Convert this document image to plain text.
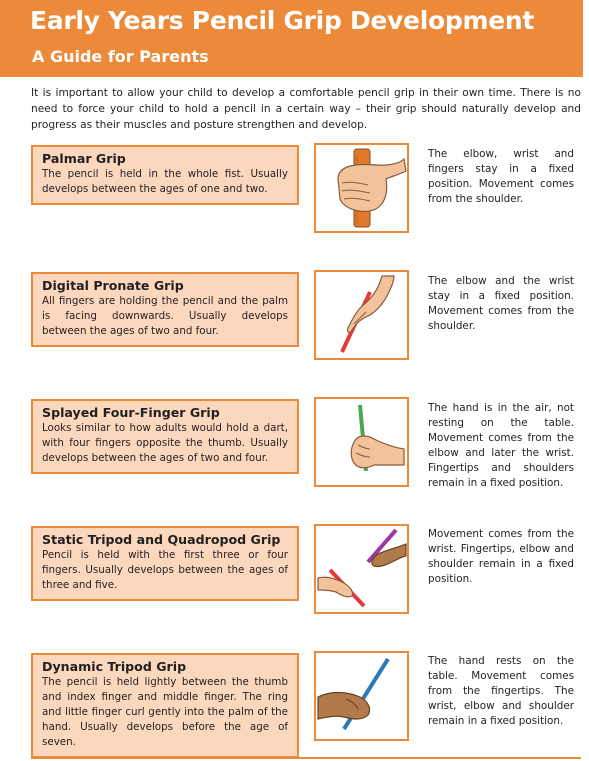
Early Years Pencil Grip Development
A Guide for Parents

It is important to allow your child to develop a comfortable pencil grip in their own time. There is no need to force your child to hold a pencil in a certain way – their grip should naturally develop and progress as their muscles and posture strengthen and develop.

Palmar Grip

The pencil is held in the whole fist. Usually develops between the ages of one and two.

The elbow, wrist and fingers stay in a fixed position. Movement comes from the shoulder.

Digital Pronate Grip

All fingers are holding the pencil and the palm is facing downwards. Usually develops between the ages of two and four.

The elbow and the wrist stay in a fixed position. Movement comes from the shoulder.

Splayed Four-Finger Grip

Looks similar to how adults would hold a dart, with four fingers opposite the thumb. Usually develops between the ages of two and four.

The hand is in the air, not resting on the table. Movement comes from the elbow and later the wrist. Fingertips and shoulders remain in a fixed position.

Static Tripod and Quadropod Grip

Pencil is held with the first three or four fingers. Usually develops between the ages of three and five.

Movement comes from the wrist. Fingertips, elbow and shoulder remain in a fixed position.

Dynamic Tripod Grip

The pencil is held lightly between the thumb and index finger and middle finger. The ring and little finger curl gently into the palm of the hand. Usually develops before the age of seven.

The hand rests on the table. Movement comes from the fingertips. The wrist, elbow and shoulder remain in a fixed position.
